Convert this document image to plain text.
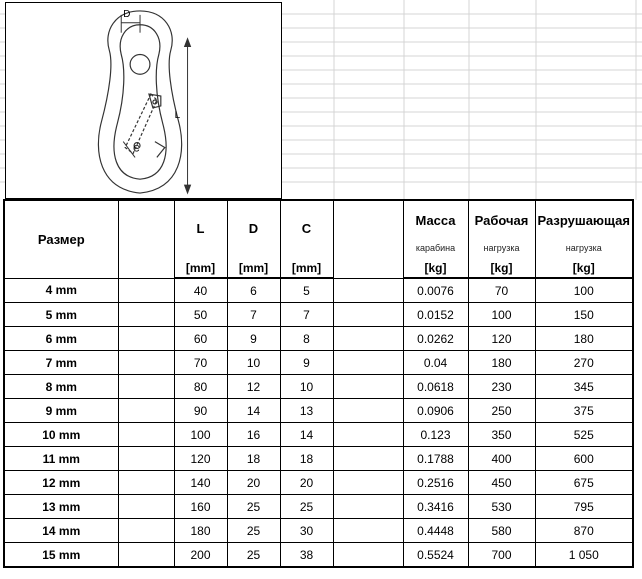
D
L
C
Размер		L	D	C		Масса	Рабочая	Разрушающая
						карабина	нагрузка	нагрузка
		[mm]	[mm]	[mm]		[kg]	[kg]	[kg]
4 mm		40	6	5		0.0076	70	100
5 mm		50	7	7		0.0152	100	150
6 mm		60	9	8		0.0262	120	180
7 mm		70	10	9		0.04	180	270
8 mm		80	12	10		0.0618	230	345
9 mm		90	14	13		0.0906	250	375
10 mm		100	16	14		0.123	350	525
11 mm		120	18	18		0.1788	400	600
12 mm		140	20	20		0.2516	450	675
13 mm		160	25	25		0.3416	530	795
14 mm		180	25	30		0.4448	580	870
15 mm		200	25	38		0.5524	700	1 050
